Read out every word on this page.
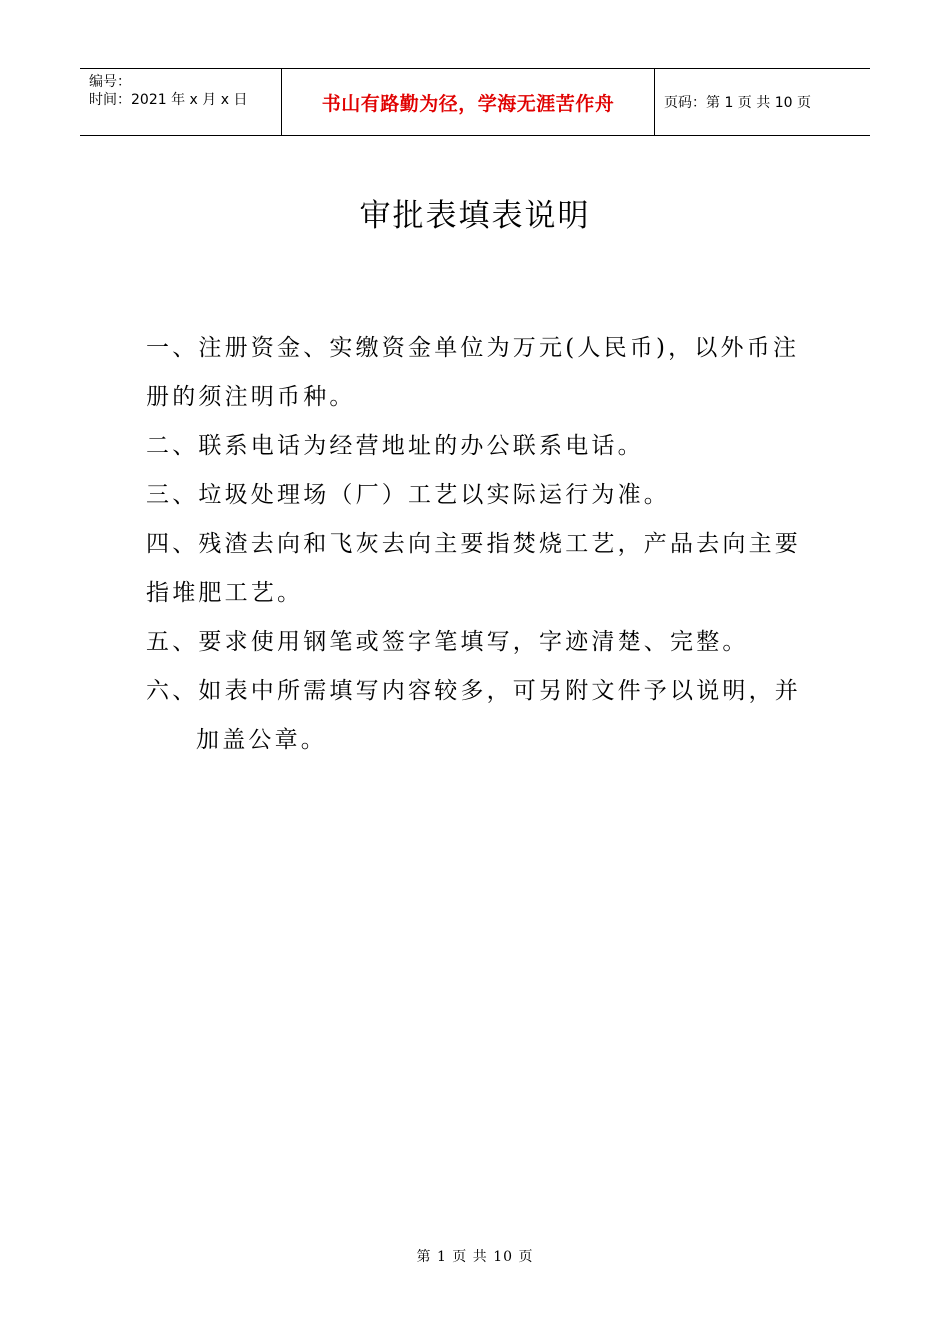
编号：
时间：2021 年 x 月 x 日	书山有路勤为径，学海无涯苦作舟	页码：第 1 页 共 10 页
审批表填表说明

一、注册资金、实缴资金单位为万元(人民币)，以外币注册的须注明币种。

二、联系电话为经营地址的办公联系电话。

三、垃圾处理场（厂）工艺以实际运行为准。

四、残渣去向和飞灰去向主要指焚烧工艺，产品去向主要指堆肥工艺。

五、要求使用钢笔或签字笔填写，字迹清楚、完整。

六、如表中所需填写内容较多，可另附文件予以说明，并加盖公章。

第 1 页 共 10 页
